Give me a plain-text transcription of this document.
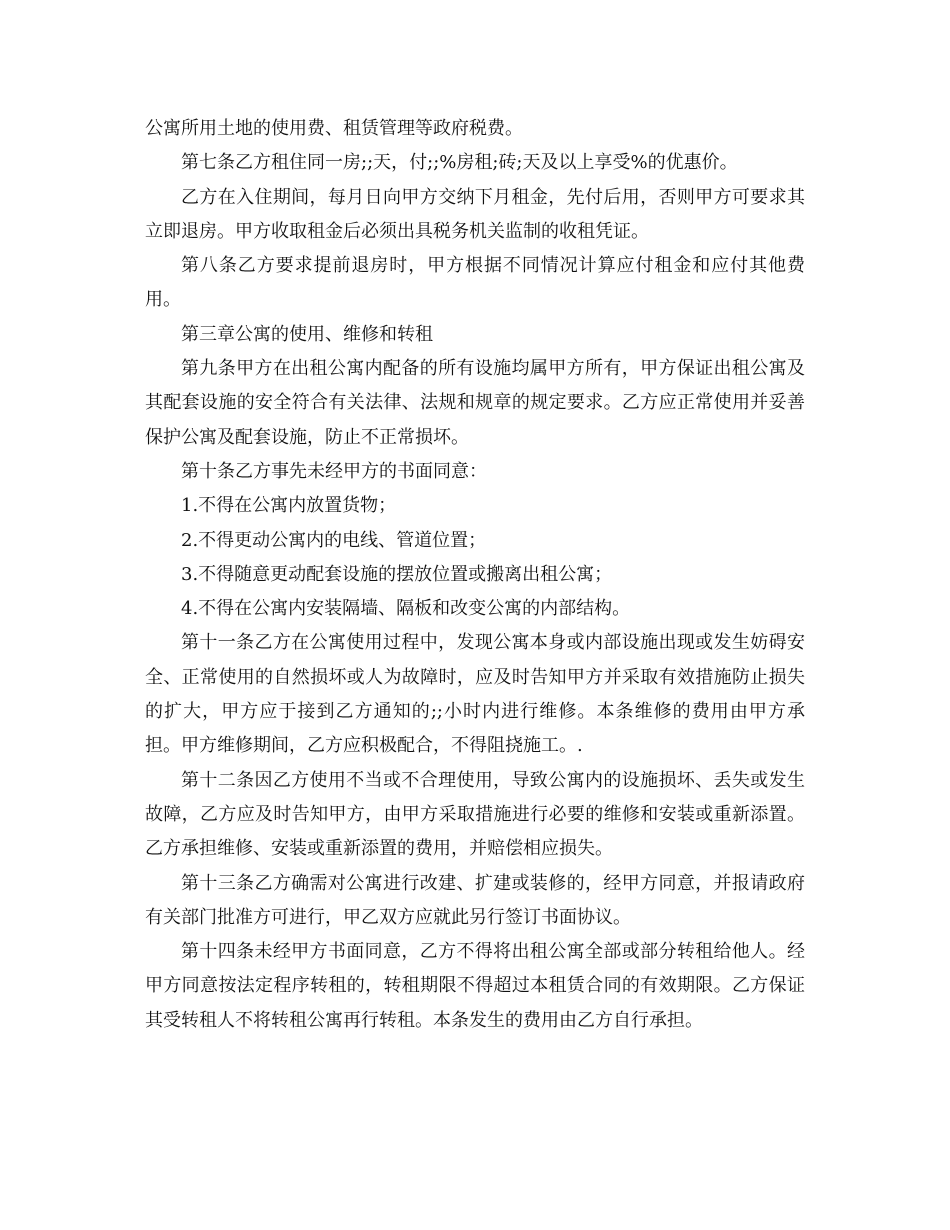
公寓所用土地的使用费、租赁管理等政府税费。

第七条乙方租住同一房;;天，付;;%房租;砖;天及以上享受%的优惠价。

乙方在入住期间，每月日向甲方交纳下月租金，先付后用，否则甲方可要求其立即退房。甲方收取租金后必须出具税务机关监制的收租凭证。

第八条乙方要求提前退房时，甲方根据不同情况计算应付租金和应付其他费用。

第三章公寓的使用、维修和转租

第九条甲方在出租公寓内配备的所有设施均属甲方所有，甲方保证出租公寓及其配套设施的安全符合有关法律、法规和规章的规定要求。乙方应正常使用并妥善保护公寓及配套设施，防止不正常损坏。

第十条乙方事先未经甲方的书面同意：

1.不得在公寓内放置货物；

2.不得更动公寓内的电线、管道位置；

3.不得随意更动配套设施的摆放位置或搬离出租公寓；

4.不得在公寓内安装隔墙、隔板和改变公寓的内部结构。

第十一条乙方在公寓使用过程中，发现公寓本身或内部设施出现或发生妨碍安全、正常使用的自然损坏或人为故障时，应及时告知甲方并采取有效措施防止损失的扩大，甲方应于接到乙方通知的;;小时内进行维修。本条维修的费用由甲方承担。甲方维修期间，乙方应积极配合，不得阻挠施工。.

第十二条因乙方使用不当或不合理使用，导致公寓内的设施损坏、丢失或发生故障，乙方应及时告知甲方，由甲方采取措施进行必要的维修和安装或重新添置。乙方承担维修、安装或重新添置的费用，并赔偿相应损失。

第十三条乙方确需对公寓进行改建、扩建或装修的，经甲方同意，并报请政府有关部门批准方可进行，甲乙双方应就此另行签订书面协议。

第十四条未经甲方书面同意，乙方不得将出租公寓全部或部分转租给他人。经甲方同意按法定程序转租的，转租期限不得超过本租赁合同的有效期限。乙方保证其受转租人不将转租公寓再行转租。本条发生的费用由乙方自行承担。
